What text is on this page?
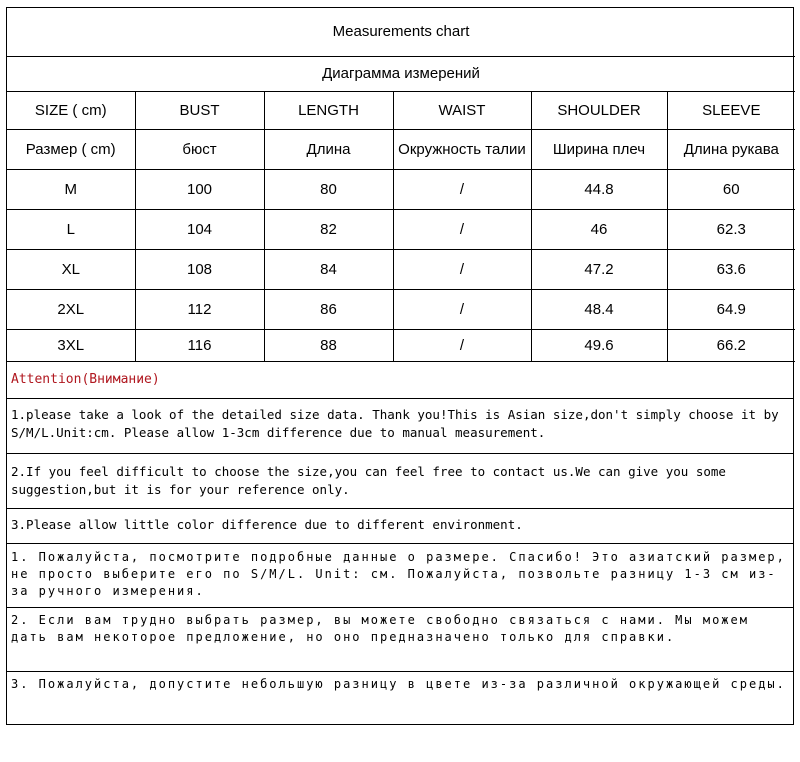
Measurements chart					
Диаграмма измерений					
SIZE ( cm)	BUST	LENGTH	WAIST	SHOULDER	SLEEVE
Размер ( cm)	бюст	Длина	Окружность талии	Ширина плеч	Длина рукава
M	100	80	/	44.8	60
L	104	82	/	46	62.3
XL	108	84	/	47.2	63.6
2XL	112	86	/	48.4	64.9
3XL	116	88	/	49.6	66.2
Attention(Внимание)
1.please take a look of the detailed size data. Thank you!This is Asian size,don't simply choose it by S/M/L.Unit:cm. Please allow 1-3cm difference due to manual measurement.
2.If you feel difficult to choose the size,you can feel free to contact us.We can give you some suggestion,but it is for your reference only.
3.Please allow little color difference due to different environment.
1. Пожалуйста, посмотрите подробные данные о размере. Спасибо! Это азиатский размер, не просто выберите его по S/M/L. Unit: см. Пожалуйста, позвольте разницу 1-3 см из-за ручного измерения.
2. Если вам трудно выбрать размер, вы можете свободно связаться с нами. Мы можем дать вам некоторое предложение, но оно предназначено только для справки.
3. Пожалуйста, допустите небольшую разницу в цвете из-за различной окружающей среды.
